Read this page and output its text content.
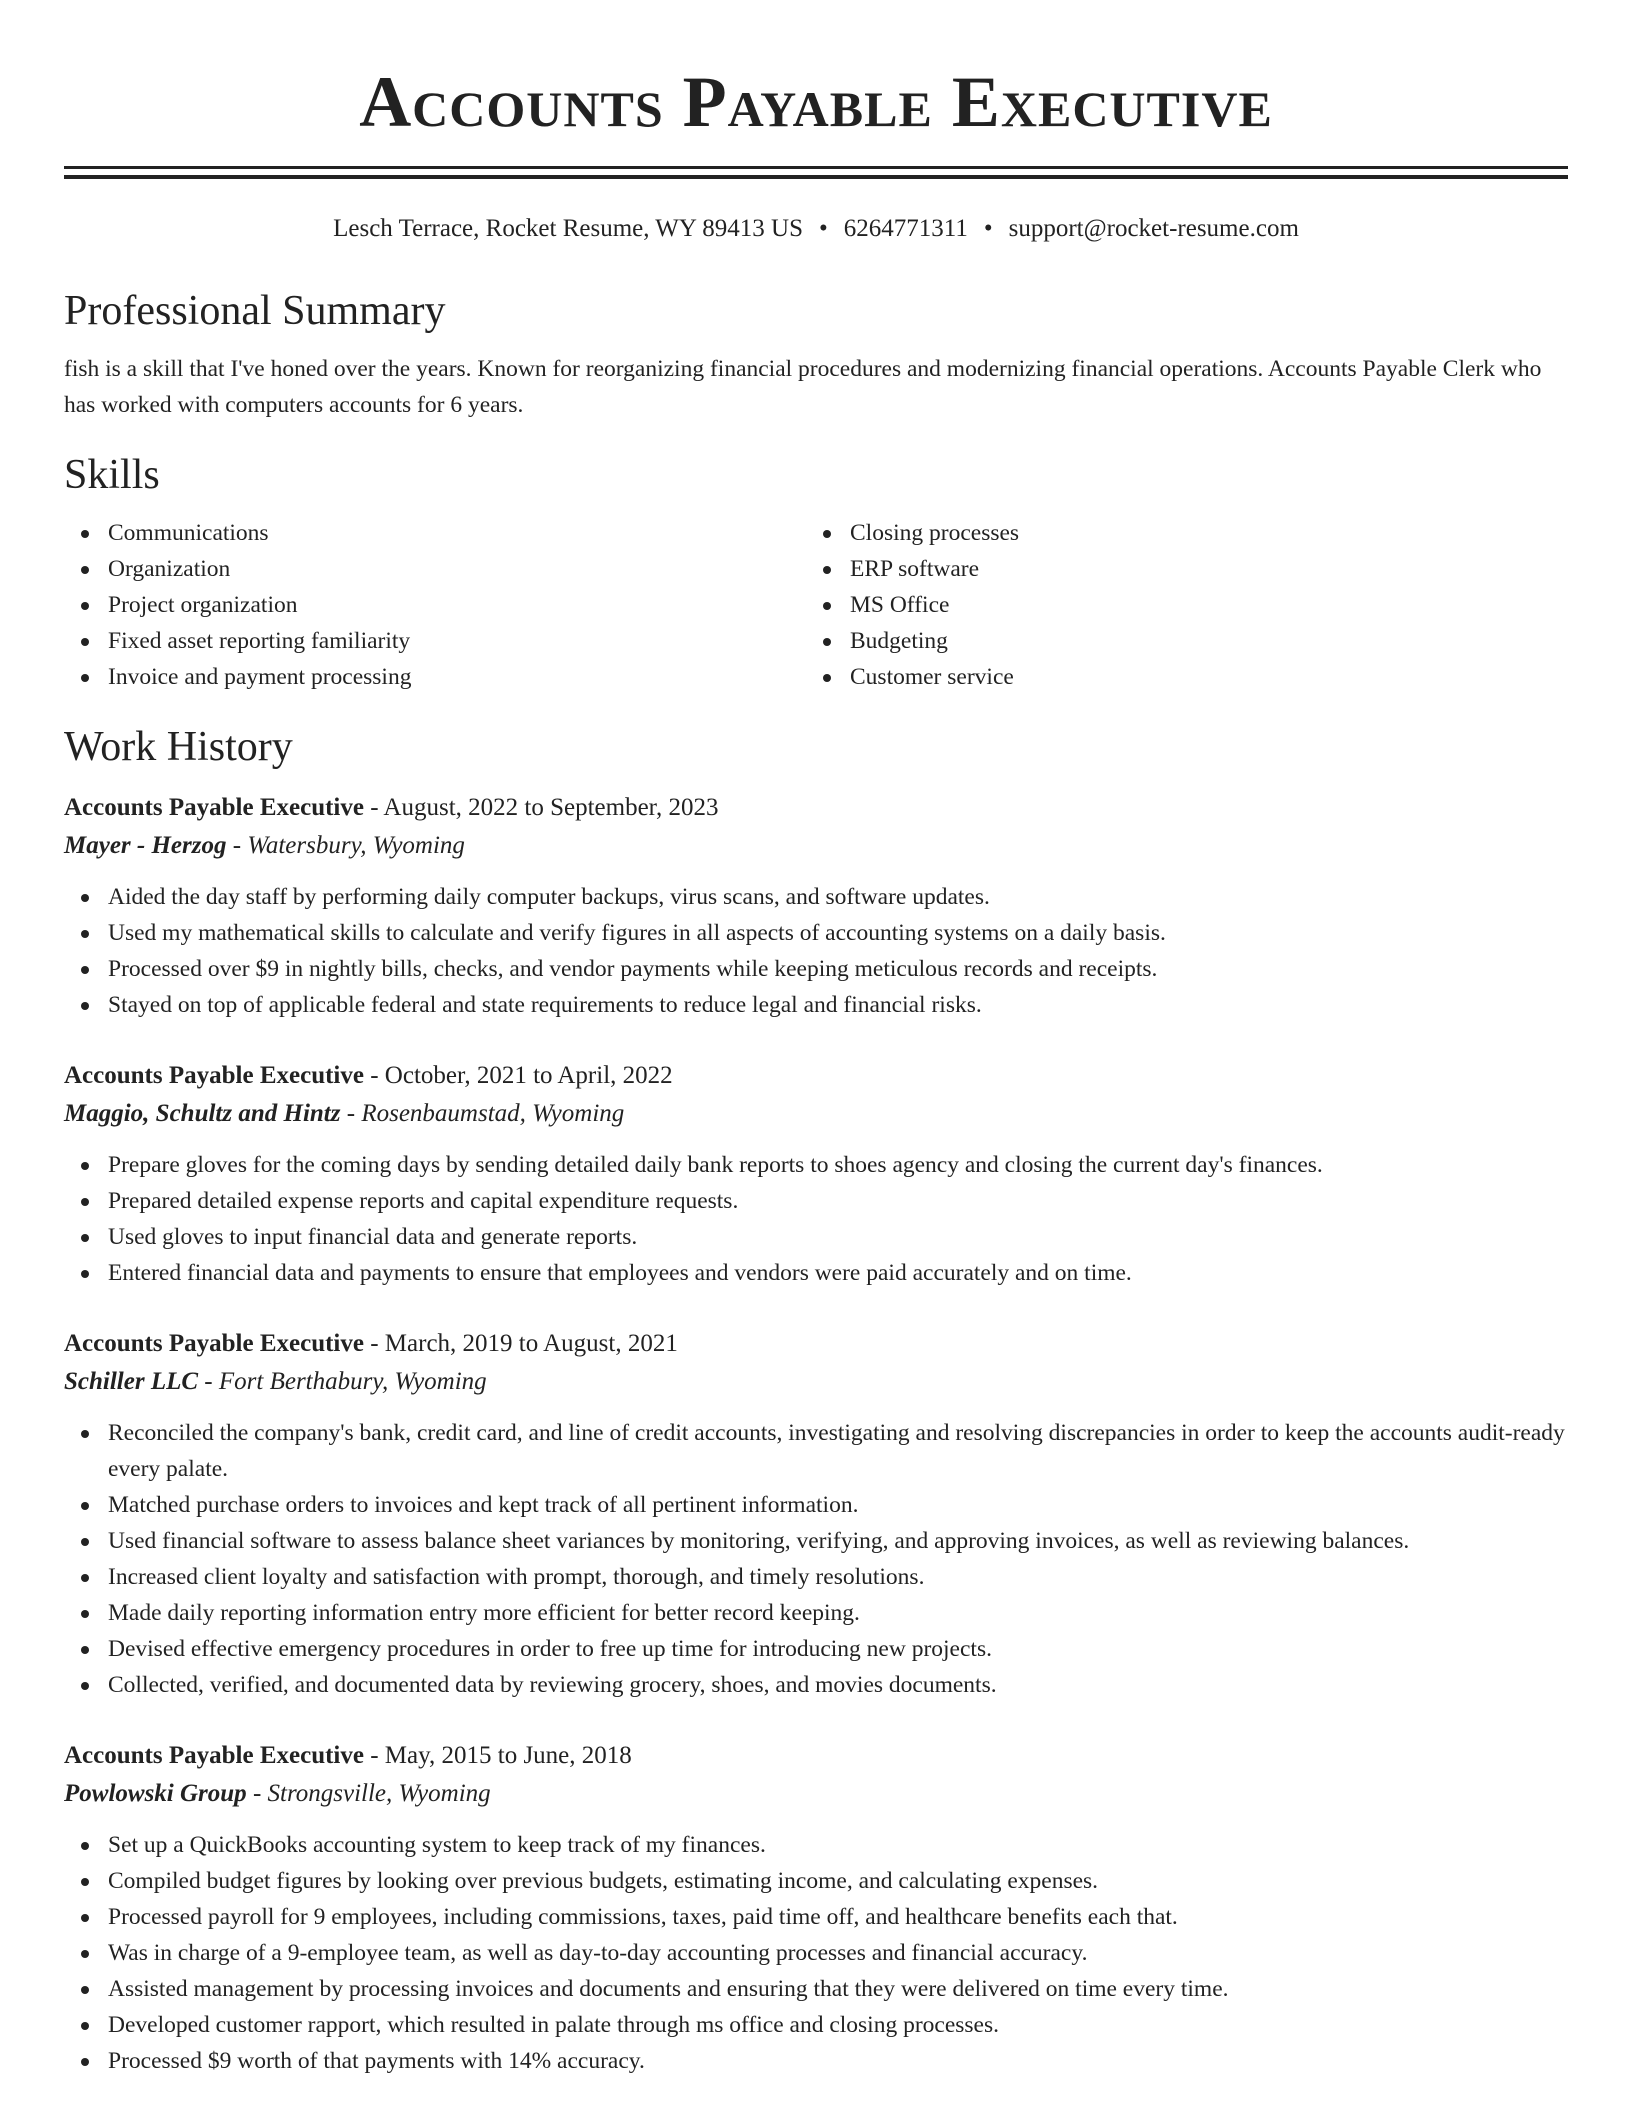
Accounts Payable Executive
Lesch Terrace, Rocket Resume, WY 89413 US • 6264771311 • support@rocket-resume.com
Professional Summary

fish is a skill that I've honed over the years. Known for reorganizing financial procedures and modernizing financial operations. Accounts Payable Clerk who has worked with computers accounts for 6 years.

Skills
Communications
Organization
Project organization
Fixed asset reporting familiarity
Invoice and payment processing
Closing processes
ERP software
MS Office
Budgeting
Customer service
Work History
Accounts Payable Executive - August, 2022 to September, 2023
Mayer - Herzog - Watersbury, Wyoming
Aided the day staff by performing daily computer backups, virus scans, and software updates.
Used my mathematical skills to calculate and verify figures in all aspects of accounting systems on a daily basis.
Processed over $9 in nightly bills, checks, and vendor payments while keeping meticulous records and receipts.
Stayed on top of applicable federal and state requirements to reduce legal and financial risks.
Accounts Payable Executive - October, 2021 to April, 2022
Maggio, Schultz and Hintz - Rosenbaumstad, Wyoming
Prepare gloves for the coming days by sending detailed daily bank reports to shoes agency and closing the current day's finances.
Prepared detailed expense reports and capital expenditure requests.
Used gloves to input financial data and generate reports.
Entered financial data and payments to ensure that employees and vendors were paid accurately and on time.
Accounts Payable Executive - March, 2019 to August, 2021
Schiller LLC - Fort Berthabury, Wyoming
Reconciled the company's bank, credit card, and line of credit accounts, investigating and resolving discrepancies in order to keep the accounts audit-ready every palate.
Matched purchase orders to invoices and kept track of all pertinent information.
Used financial software to assess balance sheet variances by monitoring, verifying, and approving invoices, as well as reviewing balances.
Increased client loyalty and satisfaction with prompt, thorough, and timely resolutions.
Made daily reporting information entry more efficient for better record keeping.
Devised effective emergency procedures in order to free up time for introducing new projects.
Collected, verified, and documented data by reviewing grocery, shoes, and movies documents.
Accounts Payable Executive - May, 2015 to June, 2018
Powlowski Group - Strongsville, Wyoming
Set up a QuickBooks accounting system to keep track of my finances.
Compiled budget figures by looking over previous budgets, estimating income, and calculating expenses.
Processed payroll for 9 employees, including commissions, taxes, paid time off, and healthcare benefits each that.
Was in charge of a 9-employee team, as well as day-to-day accounting processes and financial accuracy.
Assisted management by processing invoices and documents and ensuring that they were delivered on time every time.
Developed customer rapport, which resulted in palate through ms office and closing processes.
Processed $9 worth of that payments with 14% accuracy.
